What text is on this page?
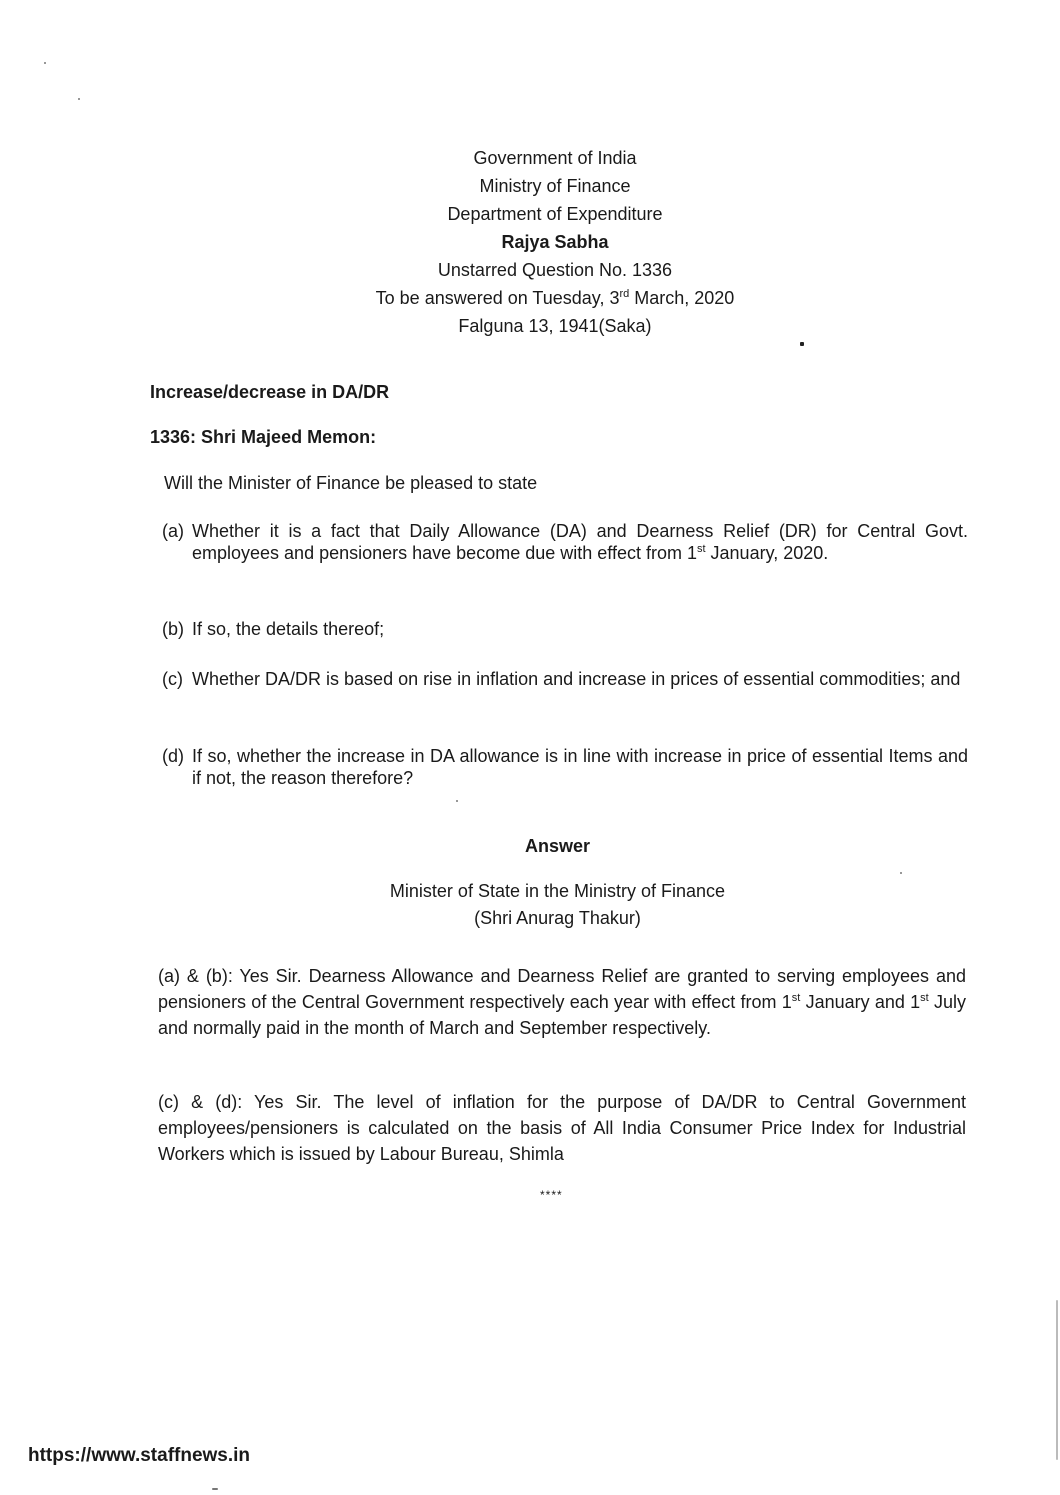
Government of India
Ministry of Finance
Department of Expenditure
Rajya Sabha
Unstarred Question No. 1336
To be answered on Tuesday, 3rd March, 2020
Falguna 13, 1941(Saka)
Increase/decrease in DA/DR
1336: Shri Majeed Memon:
Will the Minister of Finance be pleased to state
(a) Whether it is a fact that Daily Allowance (DA) and Dearness Relief (DR) for Central Govt. employees and pensioners have become due with effect from 1st January, 2020.
(b) If so, the details thereof;
(c) Whether DA/DR is based on rise in inflation and increase in prices of essential commodities; and
(d) If so, whether the increase in DA allowance is in line with increase in price of essential Items and if not, the reason therefore?
Answer
Minister of State in the Ministry of Finance
(Shri Anurag Thakur)
(a) & (b): Yes Sir. Dearness Allowance and Dearness Relief are granted to serving employees and pensioners of the Central Government respectively each year with effect from 1st January and 1st July and normally paid in the month of March and September respectively.
(c) & (d): Yes Sir. The level of inflation for the purpose of DA/DR to Central Government employees/pensioners is calculated on the basis of All India Consumer Price Index for Industrial Workers which is issued by Labour Bureau, Shimla
****
https://www.staffnews.in
